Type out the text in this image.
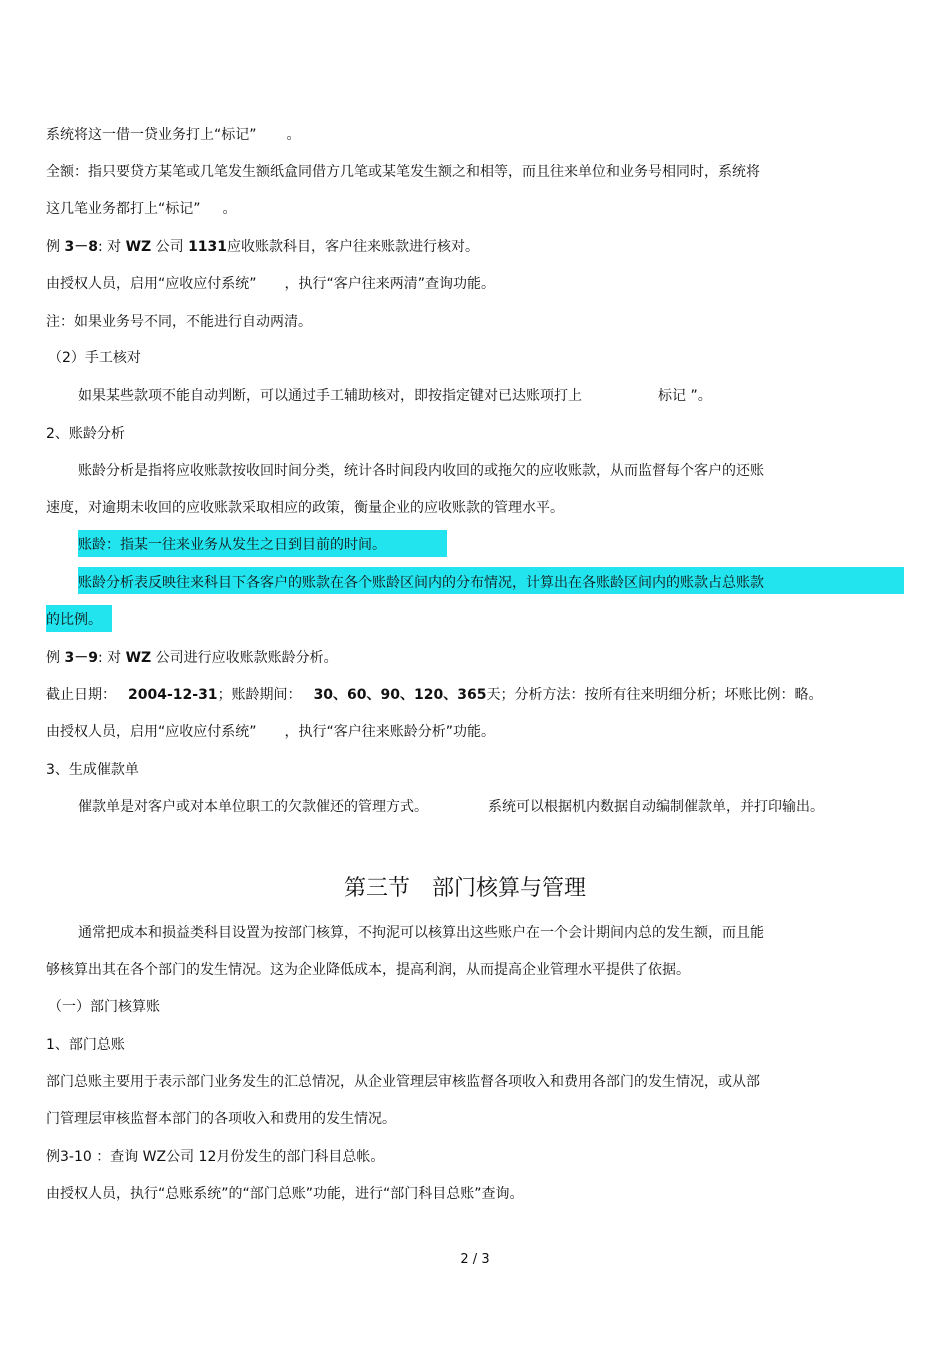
系统将这一借一贷业务打上“标记” 。
全额：指只要贷方某笔或几笔发生额纸盒同借方几笔或某笔发生额之和相等，而且往来单位和业务号相同时，系统将
这几笔业务都打上“标记” 。
例 3－8: 对 WZ 公司 1131应收账款科目，客户往来账款进行核对。
由授权人员，启用“应收应付系统” ，执行“客户往来两清”查询功能。
注：如果业务号不同，不能进行自动两清。
（2）手工核对
如果某些款项不能自动判断，可以通过手工辅助核对，即按指定键对已达账项打上	标记 ”。
2、账龄分析
账龄分析是指将应收账款按收回时间分类，统计各时间段内收回的或拖欠的应收账款，从而监督每个客户的还账
速度，对逾期未收回的应收账款采取相应的政策，衡量企业的应收账款的管理水平。
账龄：指某一往来业务从发生之日到目前的时间。
账龄分析表反映往来科目下各客户的账款在各个账龄区间内的分布情况，计算出在各账龄区间内的账款占总账款
的比例。
例 3－9: 对 WZ 公司进行应收账款账龄分析。
截止日期： 2004-12-31；账龄期间： 30、60、90、120、365天；分析方法：按所有往来明细分析；坏账比例：略。
由授权人员，启用“应收应付系统” ，执行“客户往来账龄分析”功能。
3、生成催款单
催款单是对客户或对本单位职工的欠款催还的管理方式。	系统可以根据机内数据自动编制催款单，并打印输出。
第三节　部门核算与管理
通常把成本和损益类科目设置为按部门核算，不拘泥可以核算出这些账户在一个会计期间内总的发生额，而且能
够核算出其在各个部门的发生情况。这为企业降低成本，提高利润，从而提高企业管理水平提供了依据。
（一）部门核算账
1、部门总账
部门总账主要用于表示部门业务发生的汇总情况，从企业管理层审核监督各项收入和费用各部门的发生情况，或从部
门管理层审核监督本部门的各项收入和费用的发生情况。
例3-10 ：查询 WZ公司 12月份发生的部门科目总帐。
由授权人员，执行“总账系统”的“部门总账”功能，进行“部门科目总账”查询。
2 / 3
